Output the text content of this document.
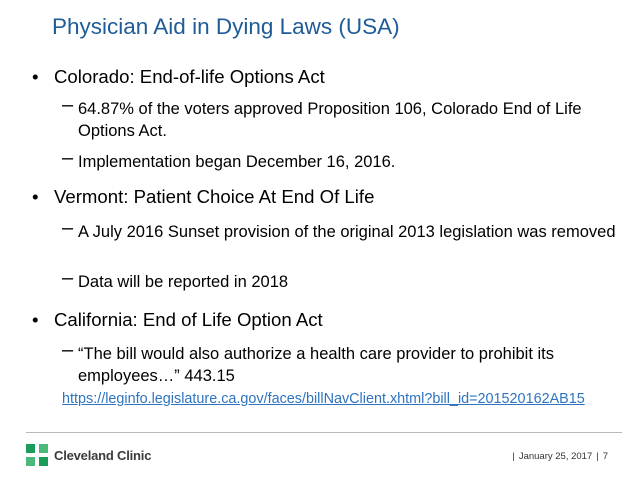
Physician Aid in Dying Laws (USA)
• Colorado: End-of-life Options Act
– 64.87% of the voters approved Proposition 106, Colorado End of Life Options Act.
– Implementation began December 16, 2016.
• Vermont: Patient Choice At End Of Life
– A July 2016 Sunset provision of the original 2013 legislation was removed
– Data will be reported in 2018
• California: End of Life Option Act
– “The bill would also authorize a health care provider to prohibit its employees…” 443.15
https://leginfo.legislature.ca.gov/faces/billNavClient.xhtml?bill_id=201520162AB15
Cleveland Clinic	| January 25, 2017 | 7
